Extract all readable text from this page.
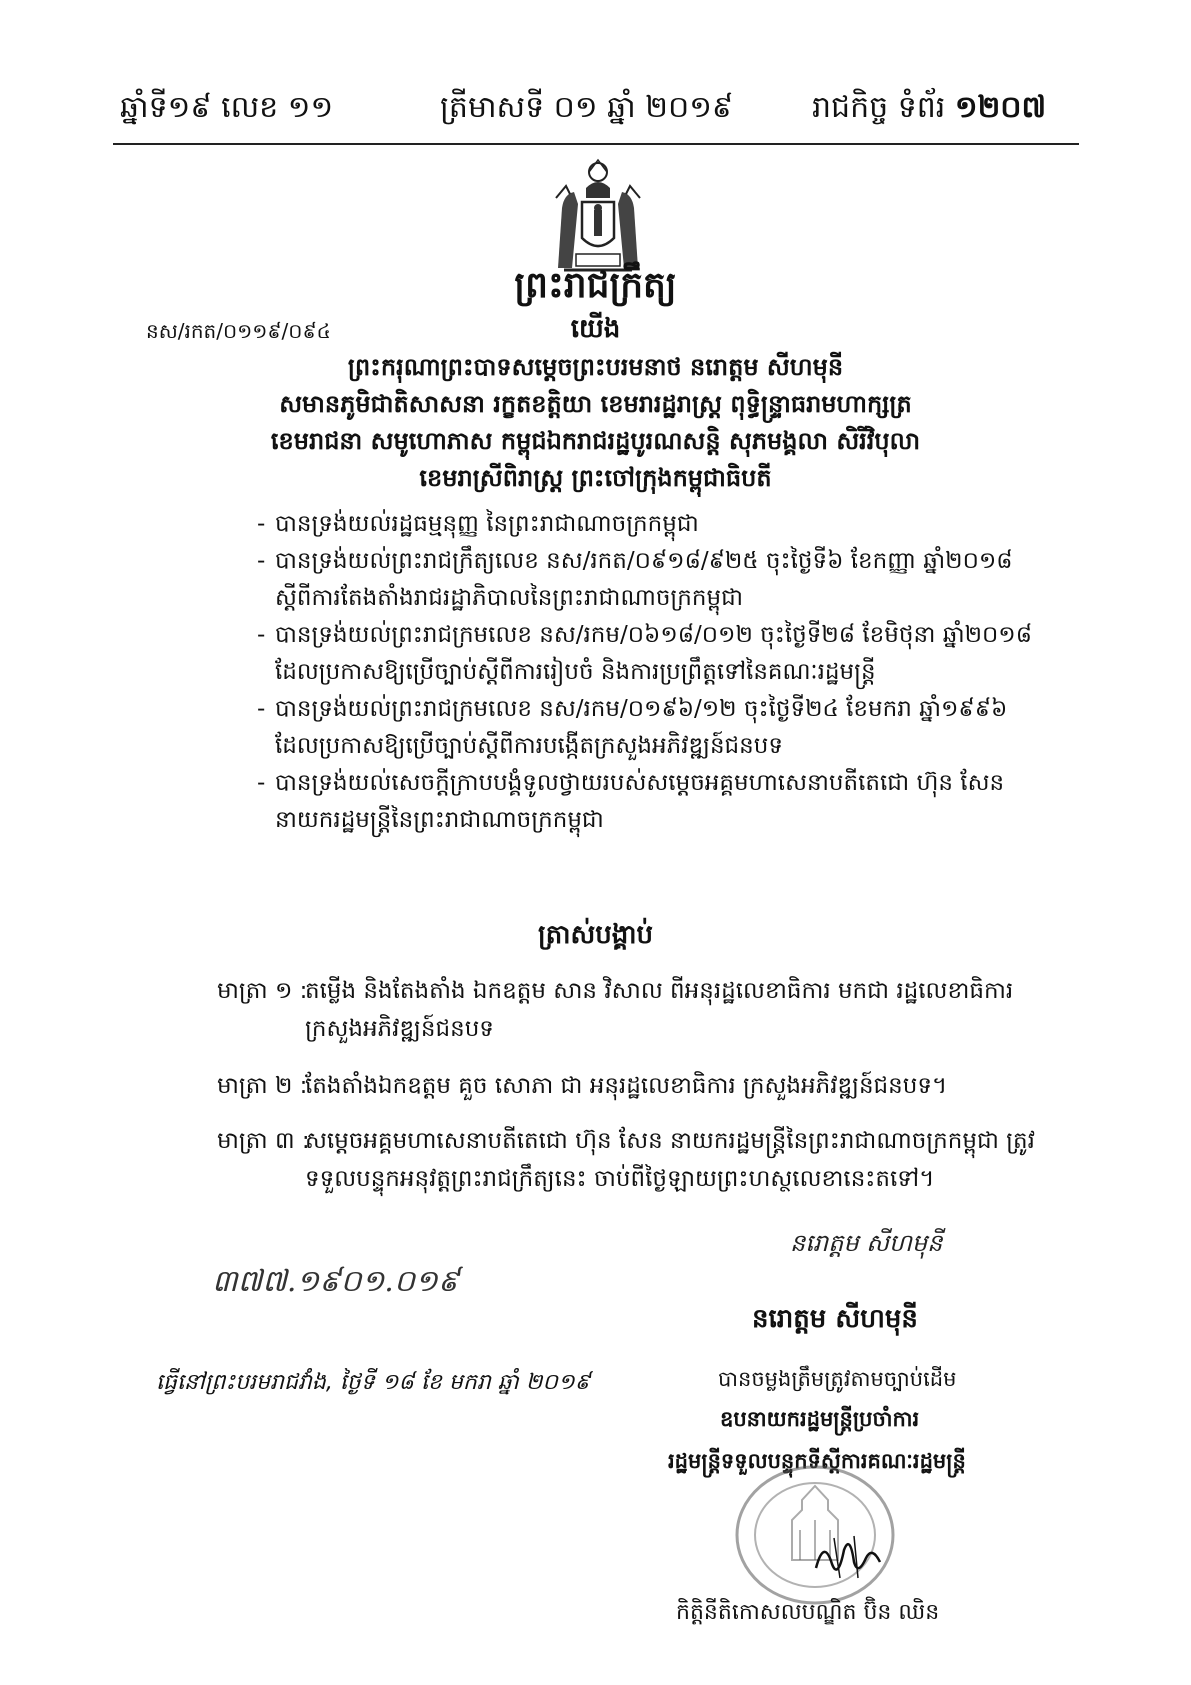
ឆ្នាំទី១៩ លេខ ១១	ត្រីមាសទី ០១ ឆ្នាំ ២០១៩	រាជកិច្ច ទំព័រ ១២០៧
ព្រះរាជក្រឹត្យ
នស/រកត/០១១៩/០៩៤	យើង
ព្រះករុណាព្រះបាទសម្ដេចព្រះបរមនាថ នរោត្តម សីហមុនី
សមានភូមិជាតិសាសនា រក្ខតខត្តិយា ខេមរារដ្ឋរាស្ត្រ ពុទ្ធិន្ទ្រាធរាមហាក្សត្រ
ខេមរាជនា សមូហោភាស កម្ពុជឯករាជរដ្ឋបូរណសន្តិ សុភមង្គលា សិរីវិបុលា
ខេមរាស្រីពិរាស្ត្រ ព្រះចៅក្រុងកម្ពុជាធិបតី
- បានទ្រង់យល់រដ្ឋធម្មនុញ្ញ នៃព្រះរាជាណាចក្រកម្ពុជា
- បានទ្រង់យល់ព្រះរាជក្រឹត្យលេខ នស/រកត/០៩១៨/៩២៥ ចុះថ្ងៃទី៦ ខែកញ្ញា ឆ្នាំ២០១៨ ស្តីពីការតែងតាំងរាជរដ្ឋាភិបាលនៃព្រះរាជាណាចក្រកម្ពុជា
- បានទ្រង់យល់ព្រះរាជក្រមលេខ នស/រកម/០៦១៨/០១២ ចុះថ្ងៃទី២៨ ខែមិថុនា ឆ្នាំ២០១៨ ដែលប្រកាសឱ្យប្រើច្បាប់ស្តីពីការរៀបចំ និងការប្រព្រឹត្តទៅនៃគណៈរដ្ឋមន្ត្រី
- បានទ្រង់យល់ព្រះរាជក្រមលេខ នស/រកម/០១៩៦/១២ ចុះថ្ងៃទី២៤ ខែមករា ឆ្នាំ១៩៩៦ ដែលប្រកាសឱ្យប្រើច្បាប់ស្តីពីការបង្កើតក្រសួងអភិវឌ្ឍន៍ជនបទ
- បានទ្រង់យល់សេចក្តីក្រាបបង្គំទូលថ្វាយរបស់សម្តេចអគ្គមហាសេនាបតីតេជោ ហ៊ុន សែន នាយករដ្ឋមន្ត្រីនៃព្រះរាជាណាចក្រកម្ពុជា
ត្រាស់បង្គាប់
មាត្រា ១ :
តម្លើង និងតែងតាំង ឯកឧត្តម សាន វិសាល ពីអនុរដ្ឋលេខាធិការ មកជា រដ្ឋលេខាធិការ ក្រសួងអភិវឌ្ឍន៍ជនបទ
មាត្រា ២ :
តែងតាំងឯកឧត្តម គួច សោភា ជា អនុរដ្ឋលេខាធិការ ក្រសួងអភិវឌ្ឍន៍ជនបទ។
មាត្រា ៣ :
សម្ដេចអគ្គមហាសេនាបតីតេជោ ហ៊ុន សែន នាយករដ្ឋមន្ត្រីនៃព្រះរាជាណាចក្រកម្ពុជា ត្រូវទទួលបន្ទុកអនុវត្តព្រះរាជក្រឹត្យនេះ ចាប់ពីថ្ងៃឡាយព្រះហស្ថលេខានេះតទៅ។
៣៧៧.១៩០១.០១៩
នរោត្តម សីហមុនី
នរោត្តម សីហមុនី
ធ្វើនៅព្រះបរមរាជវាំង, ថ្ងៃទី ១៨ ខែ មករា ឆ្នាំ ២០១៩	បានចម្លងត្រឹមត្រូវតាមច្បាប់ដើម
ឧបនាយករដ្ឋមន្ត្រីប្រចាំការ
រដ្ឋមន្ត្រីទទួលបន្ទុកទីស្តីការគណៈរដ្ឋមន្ត្រី
កិត្តិនីតិកោសលបណ្ឌិត ប៊ិន ឈិន
